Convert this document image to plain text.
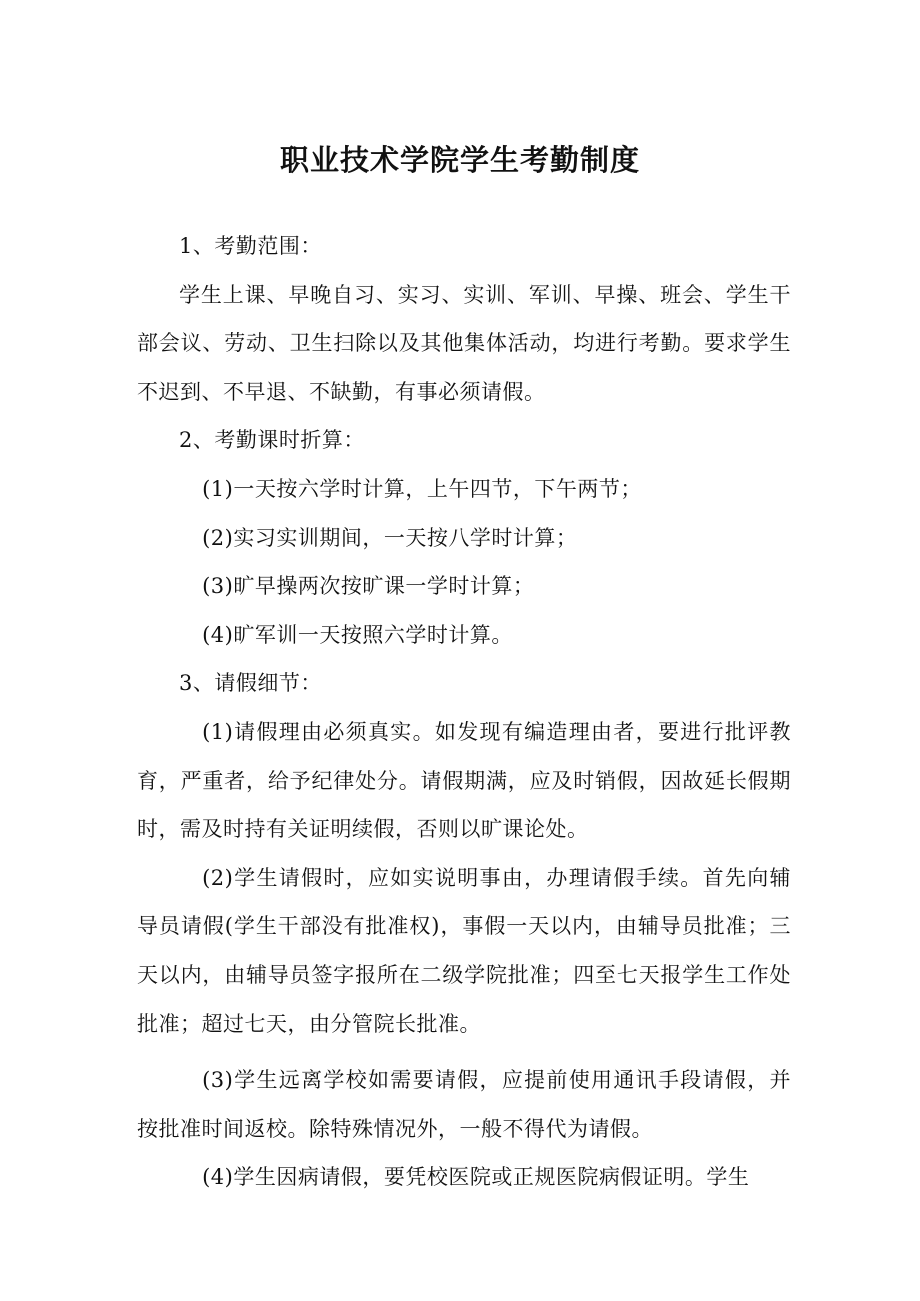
职业技术学院学生考勤制度

1、考勤范围：

学生上课、早晚自习、实习、实训、军训、早操、班会、学生干部会议、劳动、卫生扫除以及其他集体活动，均进行考勤。要求学生不迟到、不早退、不缺勤，有事必须请假。

2、考勤课时折算：

(1)一天按六学时计算，上午四节，下午两节；

(2)实习实训期间，一天按八学时计算；

(3)旷早操两次按旷课一学时计算；

(4)旷军训一天按照六学时计算。

3、请假细节：

(1)请假理由必须真实。如发现有编造理由者，要进行批评教育，严重者，给予纪律处分。请假期满，应及时销假，因故延长假期时，需及时持有关证明续假，否则以旷课论处。

(2)学生请假时，应如实说明事由，办理请假手续。首先向辅导员请假(学生干部没有批准权)，事假一天以内，由辅导员批准；三天以内，由辅导员签字报所在二级学院批准；四至七天报学生工作处批准；超过七天，由分管院长批准。

(3)学生远离学校如需要请假，应提前使用通讯手段请假，并按批准时间返校。除特殊情况外，一般不得代为请假。

(4)学生因病请假，要凭校医院或正规医院病假证明。学生
